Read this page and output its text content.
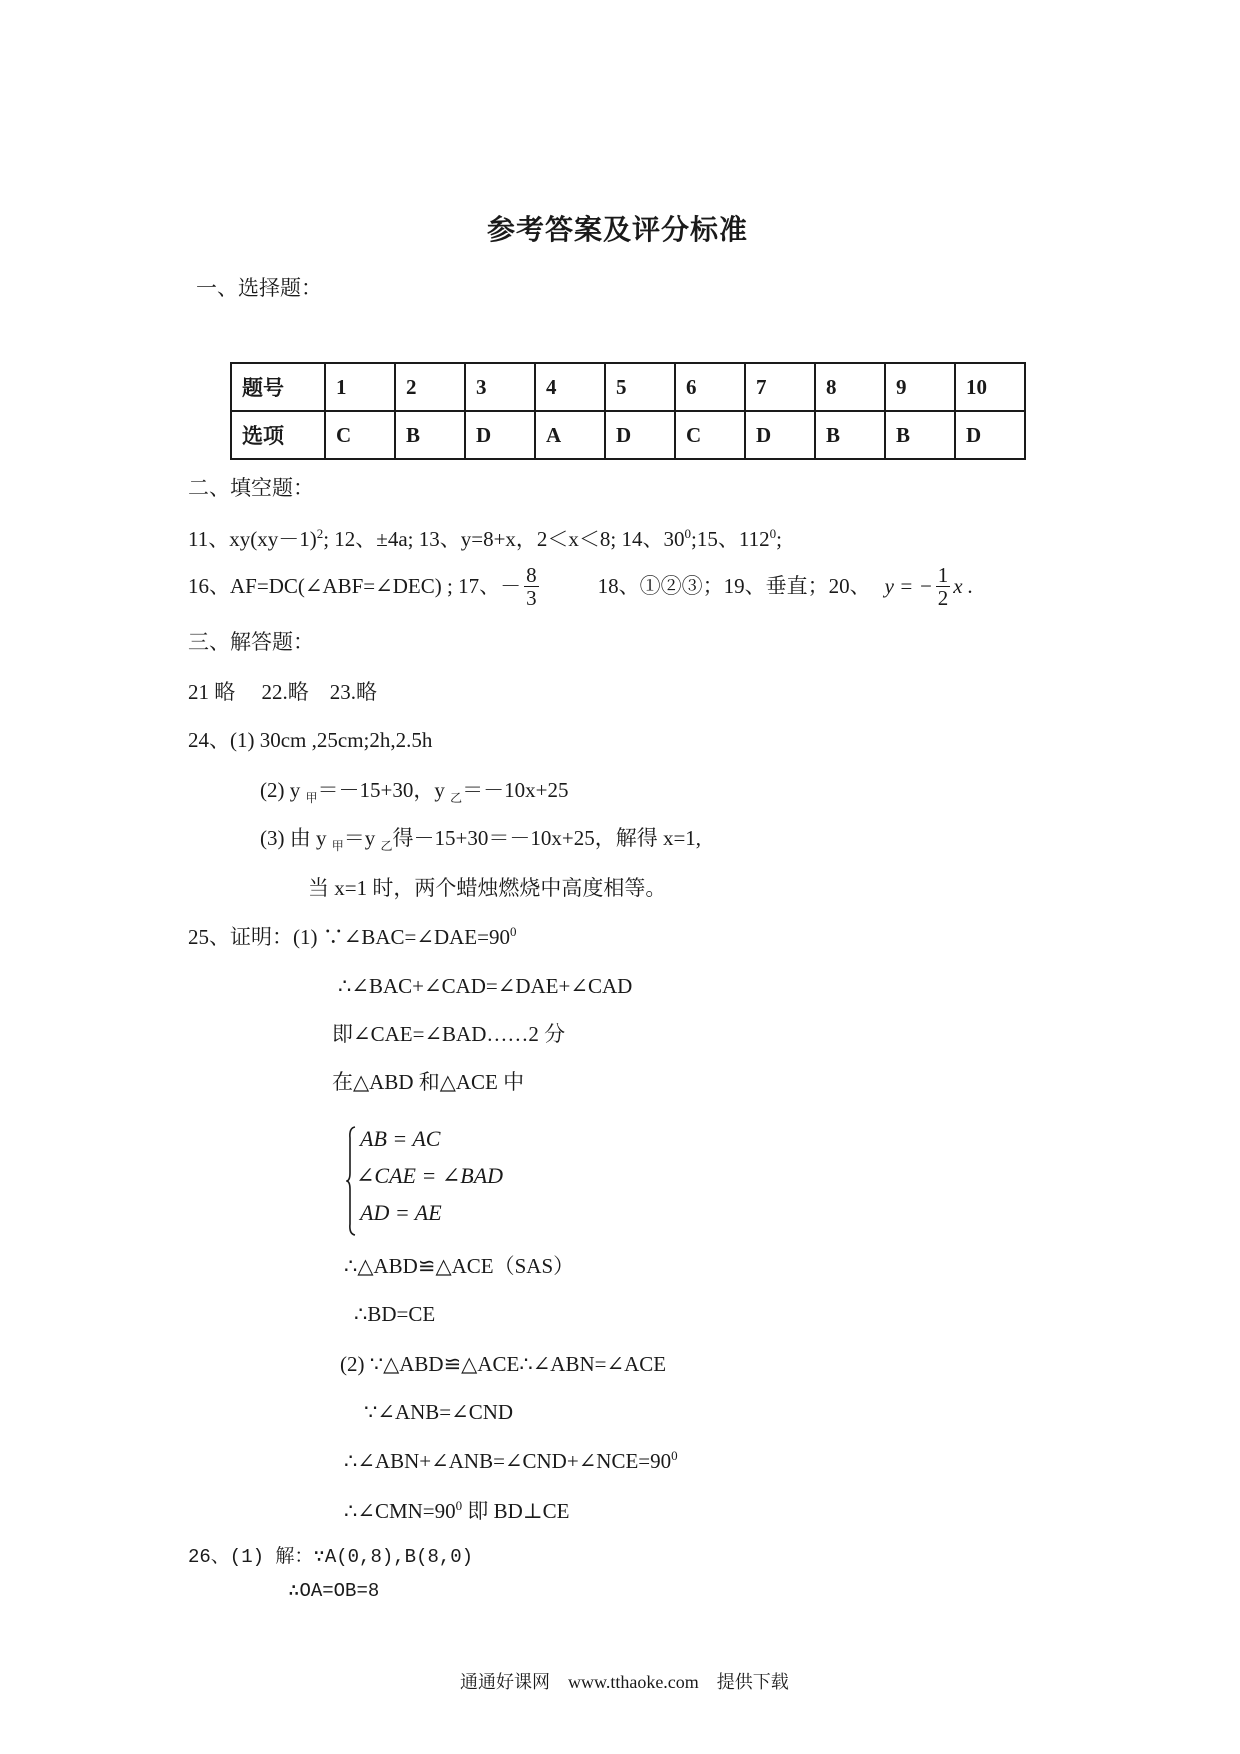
参考答案及评分标准
一、选择题：
题号	1	2	3	4	5	6	7	8	9	10
选项	C	B	D	A	D	C	D	B	B	D
二、填空题：
11、$xy(xy-1)^2$; 12、±4a; 13、y=8+x，2＜x＜8; 14、$30^0;15$、$112^0$;
16、AF=DC(∠ABF=∠DEC) ; 17、－ $\frac{8}{3}$	18、①②③；19、垂直；20、 y = − $\frac{1}{2}$ x .
三、解答题：
21 略　 22.略　23.略
24、(1) 30cm ,25cm;2h,2.5h
(2) y $_甲$＝－15+30，y $_乙$＝－10x+25
(3) 由 y $_甲$＝y $_乙$得－15+30＝－10x+25，解得 x=1,
当 x=1 时，两个蜡烛燃烧中高度相等。
25、证明：(1) $\because\angle BAC=\angle DAE=90^0$
∴∠BAC+∠CAD=∠DAE+∠CAD
即∠CAE=∠BAD……2 分
在△ABD 和△ACE 中
AB = AC
∠CAE = ∠BAD
AD = AE
∴△ABD≌△ACE（SAS）
∴BD=CE
(2) ∵△ABD≌△ACE∴∠ABN=∠ACE
∵∠ANB=∠CND
$\therefore\angle ABN+\angle ANB=\angle CND+\angle NCE=90^0$
$\therefore\angle CMN=90^0$ 即 BD⊥CE
26、(1) 解：∵A(0,8),B(8,0)
∴OA=OB=8
通通好课网　www.tthaoke.com　提供下载
